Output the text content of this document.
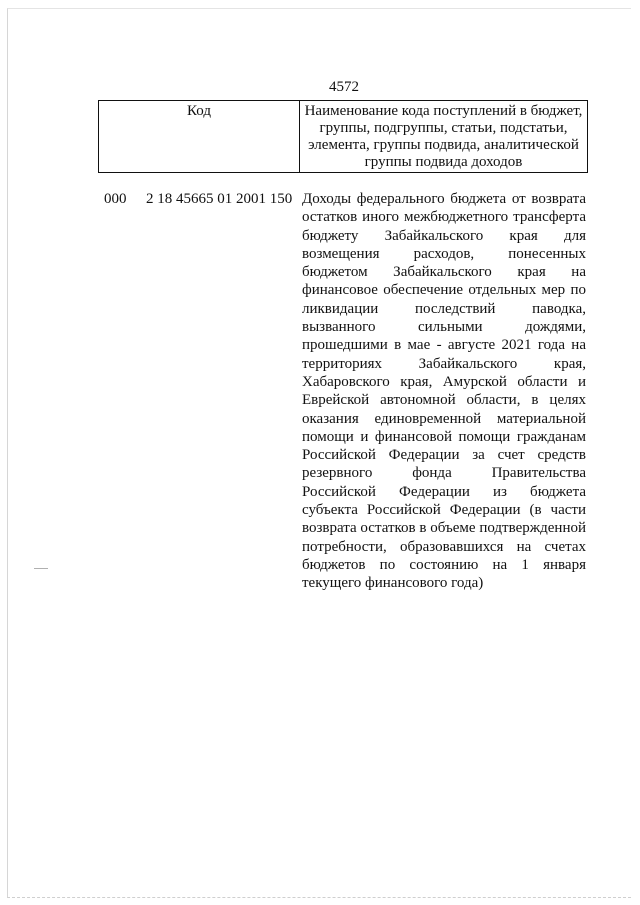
4572
Код	Наименование кода поступлений в бюджет, группы, подгруппы, статьи, подстатьи, элемента, группы подвида, аналитической группы подвида доходов
000 2 18 45665 01 2001 150 Доходы федерального бюджета от возврата остатков иного межбюджетного трансферта бюджету Забайкальского края для возмещения расходов, понесенных бюджетом Забайкальского края на финансовое обеспечение отдельных мер по ликвидации последствий паводка, вызванного сильными дождями, прошедшими в мае - августе 2021 года на территориях Забайкальского края, Хабаровского края, Амурской области и Еврейской автономной области, в целях оказания единовременной материальной помощи и финансовой помощи гражданам Российской Федерации за счет средств резервного фонда Правительства Российской Федерации из бюджета субъекта Российской Федерации (в части возврата остатков в объеме подтвержденной потребности, образовавшихся на счетах бюджетов по состоянию на 1 января текущего финансового года)
